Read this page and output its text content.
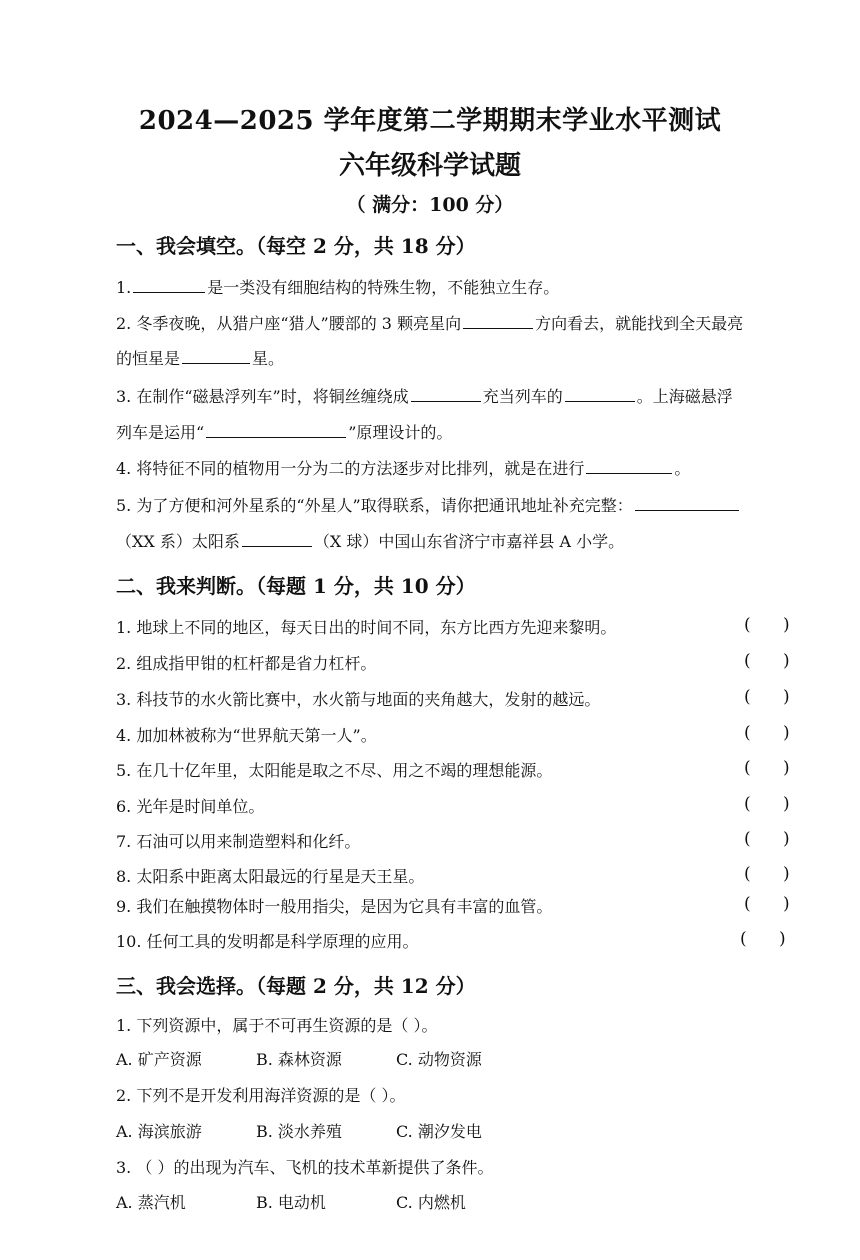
2024—2025 学年度第二学期期末学业水平测试
六年级科学试题
（ 满分：100 分）
一、我会填空。（每空 2 分，共 18 分）
1.	是一类没有细胞结构的特殊生物，不能独立生存。
2. 冬季夜晚，从猎户座“猎人”腰部的 3 颗亮星向	方向看去，就能找到全天最亮
的恒星是	星。
3. 在制作“磁悬浮列车”时，将铜丝缠绕成	充当列车的	。上海磁悬浮
列车是运用“	”原理设计的。
4. 将特征不同的植物用一分为二的方法逐步对比排列，就是在进行	。
5. 为了方便和河外星系的“外星人”取得联系，请你把通讯地址补充完整：
（XX 系）太阳系	（X 球）中国山东省济宁市嘉祥县 A 小学。
二、我来判断。（每题 1 分，共 10 分）
1. 地球上不同的地区，每天日出的时间不同，东方比西方先迎来黎明。	(      )
2. 组成指甲钳的杠杆都是省力杠杆。	(      )
3. 科技节的水火箭比赛中，水火箭与地面的夹角越大，发射的越远。	(      )
4. 加加林被称为“世界航天第一人”。	(      )
5. 在几十亿年里，太阳能是取之不尽、用之不竭的理想能源。	(      )
6. 光年是时间单位。	(      )
7. 石油可以用来制造塑料和化纤。	(      )
8. 太阳系中距离太阳最远的行星是天王星。	(      )
9. 我们在触摸物体时一般用指尖，是因为它具有丰富的血管。	(      )
10. 任何工具的发明都是科学原理的应用。	(      )
三、我会选择。（每题 2 分，共 12 分）
1. 下列资源中，属于不可再生资源的是（ ）。
A. 矿产资源	B. 森林资源	C. 动物资源
2. 下列不是开发利用海洋资源的是（ ）。
A. 海滨旅游	B. 淡水养殖	C. 潮汐发电
3. （ ）的出现为汽车、飞机的技术革新提供了条件。
A. 蒸汽机	B. 电动机	C. 内燃机
